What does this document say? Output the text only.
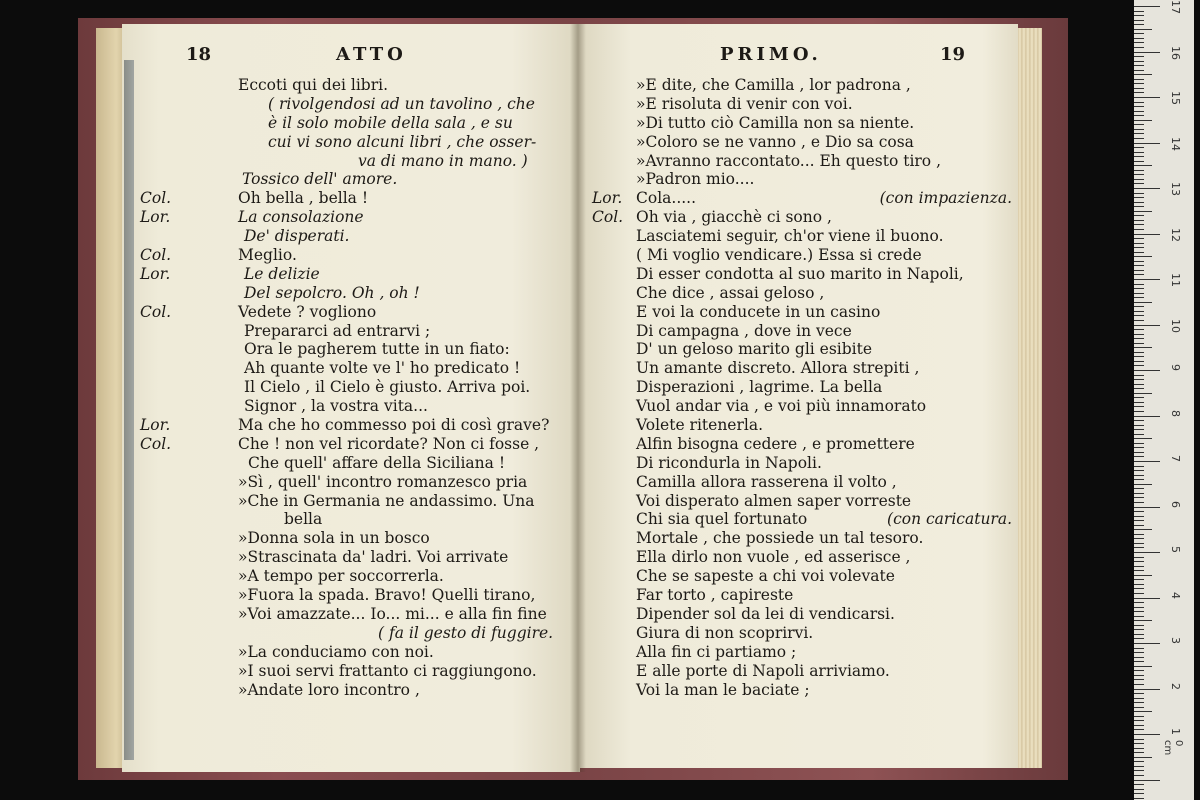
18	ATTO
Eccoti qui dei libri.
( rivolgendosi ad un tavolino , che
è il solo mobile della sala , e su
cui vi sono alcuni libri , che osser-
va di mano in mano. )
Tossico dell' amore.
Col.	Oh bella , bella !
Lor.	La consolazione
De' disperati.
Col.	Meglio.
Lor.	Le delizie
Del sepolcro. Oh , oh !
Col.	Vedete ? vogliono
Prepararci ad entrarvi ;
Ora le pagherem tutte in un fiato:
Ah quante volte ve l' ho predicato !
Il Cielo , il Cielo è giusto. Arriva poi.
Signor , la vostra vita...
Lor.	Ma che ho commesso poi di così grave?
Col.	Che ! non vel ricordate? Non ci fosse ,
Che quell' affare della Siciliana !
»Sì , quell' incontro romanzesco pria
»Che in Germania ne andassimo. Una
bella
»Donna sola in un bosco
»Strascinata da' ladri. Voi arrivate
»A tempo per soccorrerla.
»Fuora la spada. Bravo! Quelli tirano,
»Voi amazzate... Io... mi... e alla fin fine
( fa il gesto di fuggire.
»La conduciamo con noi.
»I suoi servi frattanto ci raggiungono.
»Andate loro incontro ,
PRIMO.	19
»E dite, che Camilla , lor padrona ,
»E risoluta di venir con voi.
»Di tutto ciò Camilla non sa niente.
»Coloro se ne vanno , e Dio sa cosa
»Avranno raccontato... Eh questo tiro ,
»Padron mio....
Lor. Cola.....	(con impazienza.
Col. Oh via , giacchè ci sono ,
Lasciatemi seguir, ch'or viene il buono.
( Mi voglio vendicare.) Essa si crede
Di esser condotta al suo marito in Napoli,
Che dice , assai geloso ,
E voi la conducete in un casino
Di campagna , dove in vece
D' un geloso marito gli esibite
Un amante discreto. Allora strepiti ,
Disperazioni , lagrime. La bella
Vuol andar via , e voi più innamorato
Volete ritenerla.
Alfin bisogna cedere , e promettere
Di ricondurla in Napoli.
Camilla allora rasserena il volto ,
Voi disperato almen saper vorreste
Chi sia quel fortunato	(con caricatura.
Mortale , che possiede un tal tesoro.
Ella dirlo non vuole , ed asserisce ,
Che se sapeste a chi voi volevate
Far torto , capireste
Dipender sol da lei di vendicarsi.
Giura di non scoprirvi.
Alla fin ci partiamo ;
E alle porte di Napoli arriviamo.
Voi la man le baciate ;
17
16
15
14
13
12
11
10
9
8
7
6
5
4
3
2
1
0 cm
